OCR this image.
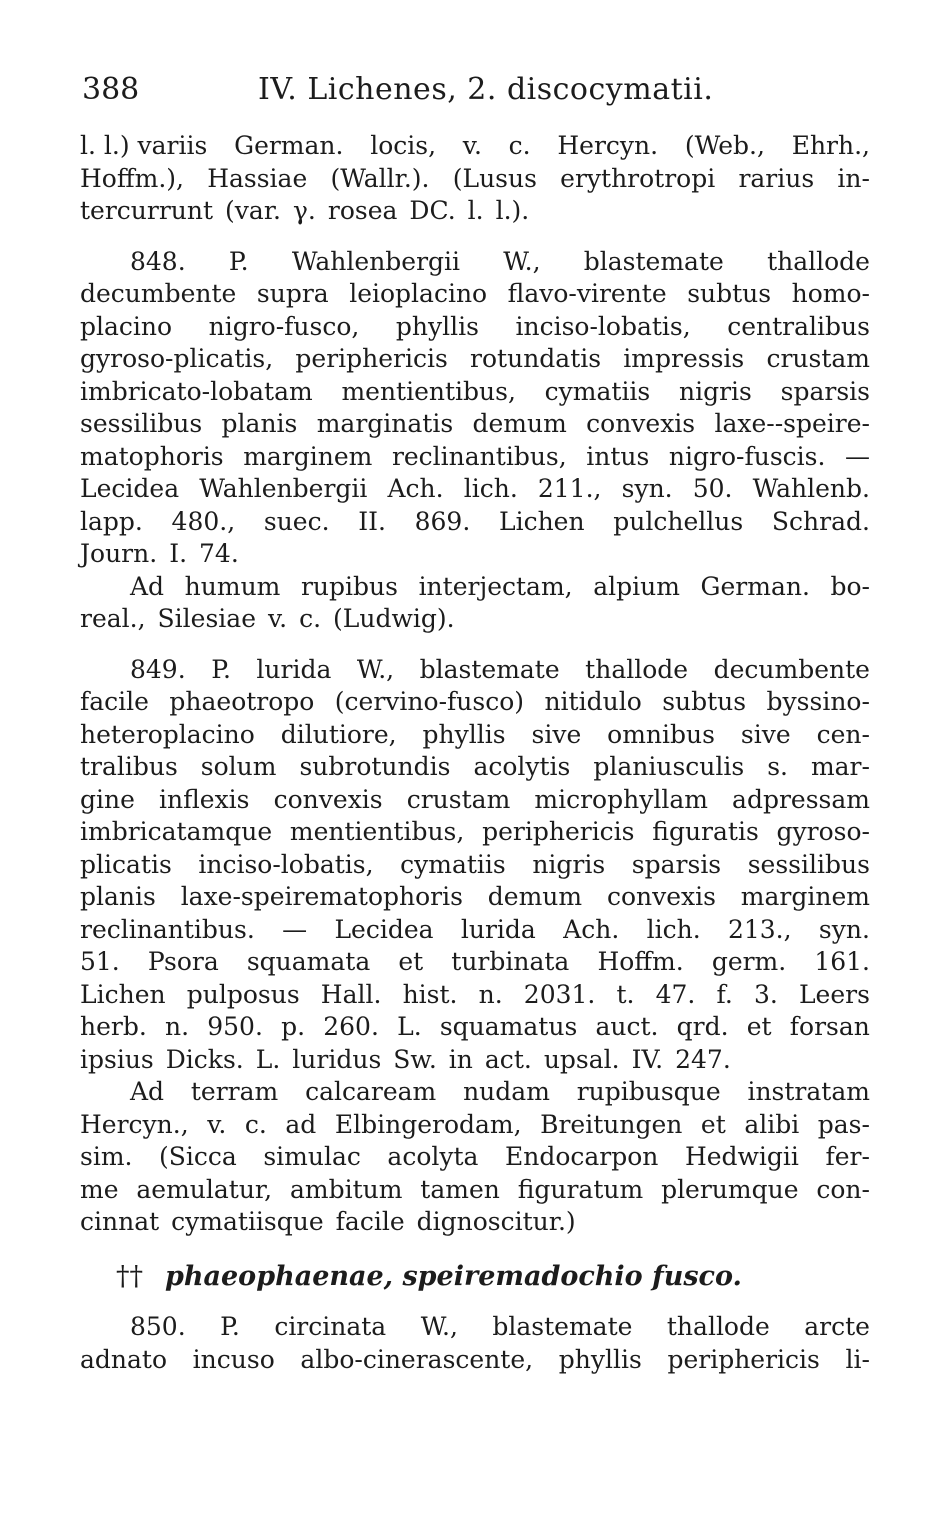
388	IV. Lichenes, 2. discocymatii.
l. l.) variis German. locis, v. c. Hercyn. (Web., Ehrh.,
Hoffm.), Hassiae (Wallr.). (Lusus erythrotropi rarius in-
tercurrunt (var. γ. rosea DC. l. l.).
848. P. Wahlenbergii W., blastemate thallode
decumbente supra leioplacino flavo-virente subtus homo-
placino nigro-fusco, phyllis inciso-lobatis, centralibus
gyroso-plicatis, periphericis rotundatis impressis crustam
imbricato-lobatam mentientibus, cymatiis nigris sparsis
sessilibus planis marginatis demum convexis laxe--speire-
matophoris marginem reclinantibus, intus nigro-fuscis. —
Lecidea Wahlenbergii Ach. lich. 211., syn. 50. Wahlenb.
lapp. 480., suec. II. 869. Lichen pulchellus Schrad.
Journ. I. 74.
Ad humum rupibus interjectam, alpium German. bo-
real., Silesiae v. c. (Ludwig).
849. P. lurida W., blastemate thallode decumbente
facile phaeotropo (cervino-fusco) nitidulo subtus byssino-
heteroplacino dilutiore, phyllis sive omnibus sive cen-
tralibus solum subrotundis acolytis planiusculis s. mar-
gine inflexis convexis crustam microphyllam adpressam
imbricatamque mentientibus, periphericis figuratis gyroso-
plicatis inciso-lobatis, cymatiis nigris sparsis sessilibus
planis laxe-speirematophoris demum convexis marginem
reclinantibus. — Lecidea lurida Ach. lich. 213., syn.
51. Psora squamata et turbinata Hoffm. germ. 161.
Lichen pulposus Hall. hist. n. 2031. t. 47. f. 3. Leers
herb. n. 950. p. 260. L. squamatus auct. qrd. et forsan
ipsius Dicks. L. luridus Sw. in act. upsal. IV. 247.
Ad terram calcaream nudam rupibusque instratam
Hercyn., v. c. ad Elbingerodam, Breitungen et alibi pas-
sim. (Sicca simulac acolyta Endocarpon Hedwigii fer-
me aemulatur, ambitum tamen figuratum plerumque con-
cinnat cymatiisque facile dignoscitur.)
†† phaeophaenae, speiremadochio fusco.
850. P. circinata W., blastemate thallode arcte
adnato incuso albo-cinerascente, phyllis periphericis li-
